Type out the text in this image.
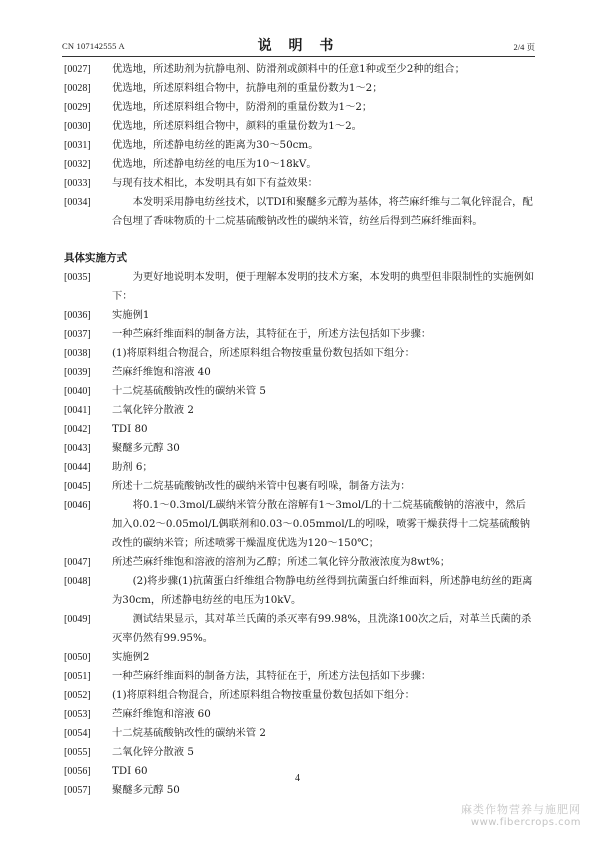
CN 107142555 A	说 明 书	2/4 页
[0027]	优选地，所述助剂为抗静电剂、防滑剂或颜料中的任意1种或至少2种的组合；
[0028]	优选地，所述原料组合物中，抗静电剂的重量份数为1～2；
[0029]	优选地，所述原料组合物中，防滑剂的重量份数为1～2；
[0030]	优选地，所述原料组合物中，颜料的重量份数为1～2。
[0031]	优选地，所述静电纺丝的距离为30～50cm。
[0032]	优选地，所述静电纺丝的电压为10～18kV。
[0033]	与现有技术相比，本发明具有如下有益效果：
[0034]	　　本发明采用静电纺丝技术，以TDI和聚醚多元醇为基体，将苎麻纤维与二氧化锌混合，配合包埋了香味物质的十二烷基硫酸钠改性的碳纳米管，纺丝后得到苎麻纤维面料。
具体实施方式
[0035]	　　为更好地说明本发明，便于理解本发明的技术方案，本发明的典型但非限制性的实施例如下：
[0036]	实施例1
[0037]	一种苎麻纤维面料的制备方法，其特征在于，所述方法包括如下步骤：
[0038]	(1)将原料组合物混合，所述原料组合物按重量份数包括如下组分：
[0039]	苎麻纤维饱和溶液 40
[0040]	十二烷基硫酸钠改性的碳纳米管 5
[0041]	二氧化锌分散液 2
[0042]	TDI 80
[0043]	聚醚多元醇 30
[0044]	助剂 6；
[0045]	所述十二烷基硫酸钠改性的碳纳米管中包裹有吲哚，制备方法为：
[0046]	　　将0.1～0.3mol/L碳纳米管分散在溶解有1～3mol/L的十二烷基硫酸钠的溶液中，然后加入0.02～0.05mol/L偶联剂和0.03～0.05mmol/L的吲哚，喷雾干燥获得十二烷基硫酸钠改性的碳纳米管；所述喷雾干燥温度优选为120～150℃；
[0047]	所述苎麻纤维饱和溶液的溶剂为乙醇；所述二氧化锌分散液浓度为8wt%；
[0048]	　　(2)将步骤(1)抗菌蛋白纤维组合物静电纺丝得到抗菌蛋白纤维面料，所述静电纺丝的距离为30cm，所述静电纺丝的电压为10kV。
[0049]	　　测试结果显示，其对革兰氏菌的杀灭率有99.98%，且洗涤100次之后，对革兰氏菌的杀灭率仍然有99.95%。
[0050]	实施例2
[0051]	一种苎麻纤维面料的制备方法，其特征在于，所述方法包括如下步骤：
[0052]	(1)将原料组合物混合，所述原料组合物按重量份数包括如下组分：
[0053]	苎麻纤维饱和溶液 60
[0054]	十二烷基硫酸钠改性的碳纳米管 2
[0055]	二氧化锌分散液 5
[0056]	TDI 60
[0057]	聚醚多元醇 50
4
麻类作物营养与施肥网
www.fibercrops.com
